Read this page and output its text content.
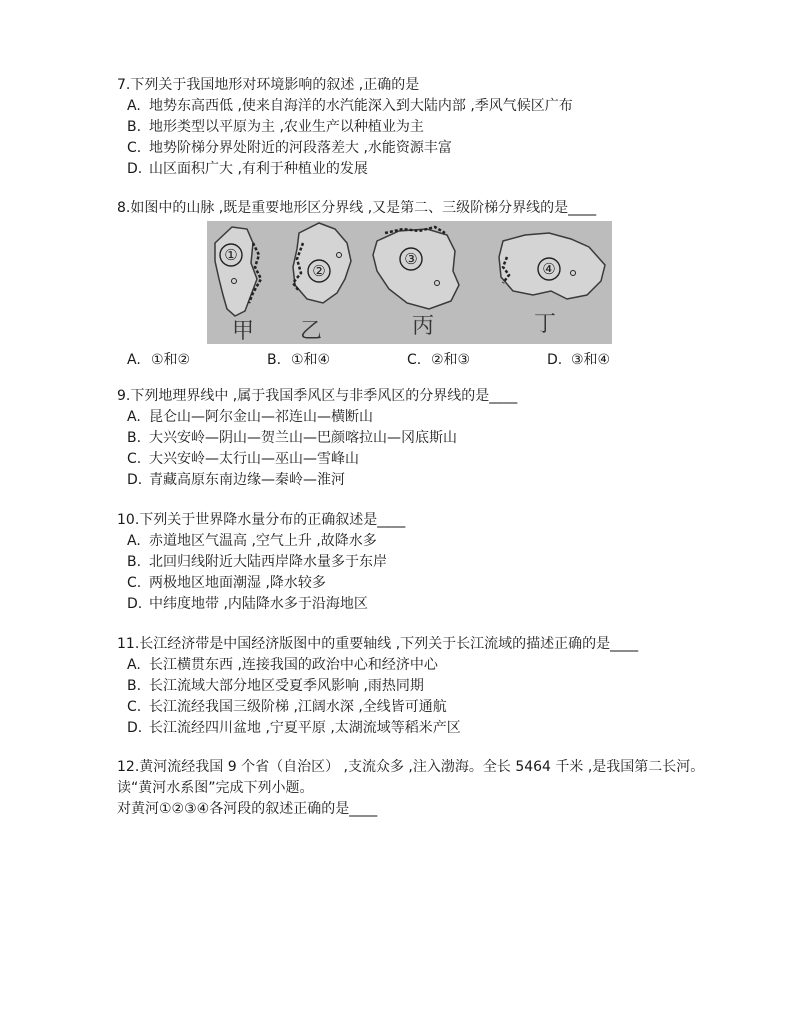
7.下列关于我国地形对环境影响的叙述 ,正确的是
A. 地势东高西低 ,使来自海洋的水汽能深入到大陆内部 ,季风气候区广布
B. 地形类型以平原为主 ,农业生产以种植业为主
C. 地势阶梯分界处附近的河段落差大 ,水能资源丰富
D. 山区面积广大 ,有利于种植业的发展
8.如图中的山脉 ,既是重要地形区分界线 ,又是第二、三级阶梯分界线的是____
①
甲
②
乙
③
丙
④
丁
A. ①和②	B. ①和④	C. ②和③	D. ③和④
9.下列地理界线中 ,属于我国季风区与非季风区的分界线的是____
A. 昆仑山—阿尔金山—祁连山—横断山
B. 大兴安岭—阴山—贺兰山—巴颜喀拉山—冈底斯山
C. 大兴安岭—太行山—巫山—雪峰山
D. 青藏高原东南边缘—秦岭—淮河
10.下列关于世界降水量分布的正确叙述是____
A. 赤道地区气温高 ,空气上升 ,故降水多
B. 北回归线附近大陆西岸降水量多于东岸
C. 两极地区地面潮湿 ,降水较多
D. 中纬度地带 ,内陆降水多于沿海地区
11.长江经济带是中国经济版图中的重要轴线 ,下列关于长江流域的描述正确的是____
A. 长江横贯东西 ,连接我国的政治中心和经济中心
B. 长江流域大部分地区受夏季风影响 ,雨热同期
C. 长江流经我国三级阶梯 ,江阔水深 ,全线皆可通航
D. 长江流经四川盆地 ,宁夏平原 ,太湖流域等稻米产区
12.黄河流经我国 9 个省（自治区） ,支流众多 ,注入渤海。全长 5464 千米 ,是我国第二长河。读“黄河水系图”完成下列小题。
对黄河①②③④各河段的叙述正确的是____
